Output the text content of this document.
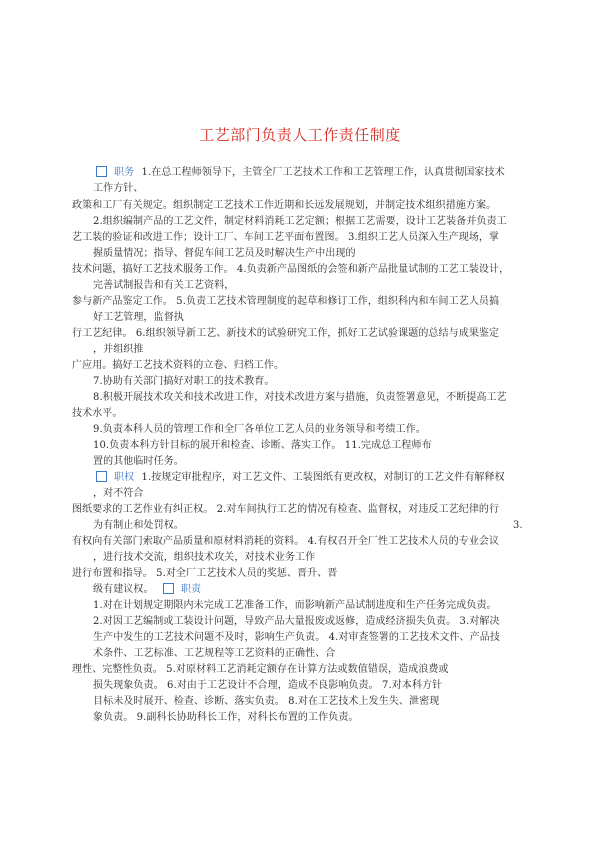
工艺部门负责人工作责任制度
职务 1.在总工程师领导下，主管全厂工艺技术工作和工艺管理工作，认真贯彻国家技术
工作方针、
政策和工厂有关规定。组织制定工艺技术工作近期和长远发展规划，并制定技术组织措施方案。
2.组织编制产品的工艺文件，制定材料消耗工艺定额；根据工艺需要，设计工艺装备并负责工
艺工装的验证和改进工作；设计工厂、车间工艺平面布置图。 3.组织工艺人员深入生产现场，掌
握质量情况；指导、督促车间工艺员及时解决生产中出现的
技术问题，搞好工艺技术服务工作。 4.负责新产品图纸的会签和新产品批量试制的工艺工装设计，
完善试制报告和有关工艺资料，
参与新产品鉴定工作。 5.负责工艺技术管理制度的起草和修订工作，组织科内和车间工艺人员搞
好工艺管理，监督执
行工艺纪律。 6.组织领导新工艺、新技术的试验研究工作，抓好工艺试验课题的总结与成果鉴定
，并组织推
广应用。搞好工艺技术资料的立卷、归档工作。
7.协助有关部门搞好对职工的技术教育。
8.积极开展技术攻关和技术改进工作，对技术改进方案与措施，负责签署意见，不断提高工艺
技术水平。
9.负责本科人员的管理工作和全厂各单位工艺人员的业务领导和考绩工作。
10.负责本科方针目标的展开和检查、诊断、落实工作。 11.完成总工程师布
置的其他临时任务。
职权 1.按规定审批程序，对工艺文件、工装图纸有更改权，对制订的工艺文件有解释权
，对不符合
图纸要求的工艺作业有纠正权。 2.对车间执行工艺的情况有检查、监督权，对违反工艺纪律的行
为有制止和处罚权。	3.
有权向有关部门索取产品质量和原材料消耗的资料。 4.有权召开全厂性工艺技术人员的专业会议
，进行技术交流，组织技术攻关，对技术业务工作
进行布置和指导。 5.对全厂工艺技术人员的奖惩、晋升、晋
级有建议权。	职责
1.对在计划规定期限内未完成工艺准备工作，而影响新产品试制进度和生产任务完成负责。
2.对因工艺编制或工装设计问题，导致产品大量报废或返修，造成经济损失负责。 3.对解决
生产中发生的工艺技术问题不及时，影响生产负责。 4.对审查签署的工艺技术文件、产品技
术条件、工艺标准、工艺规程等工艺资料的正确性、合
理性、完整性负责。 5.对原材料工艺消耗定额存在计算方法或数值错误，造成浪费或
损失现象负责。 6.对由于工艺设计不合理，造成不良影响负责。 7.对本科方针
目标未及时展开、检查、诊断、落实负责。 8.对在工艺技术上发生失、泄密现
象负责。 9.副科长协助科长工作，对科长布置的工作负责。
